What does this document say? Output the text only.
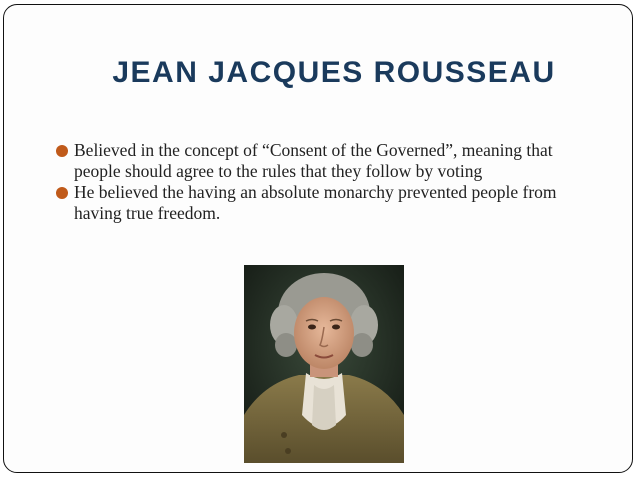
JEAN JACQUES ROUSSEAU
Believed in the concept of “Consent of the Governed”, meaning that people should agree to the rules that they follow by voting
He believed the having an absolute monarchy prevented people from having true freedom.
